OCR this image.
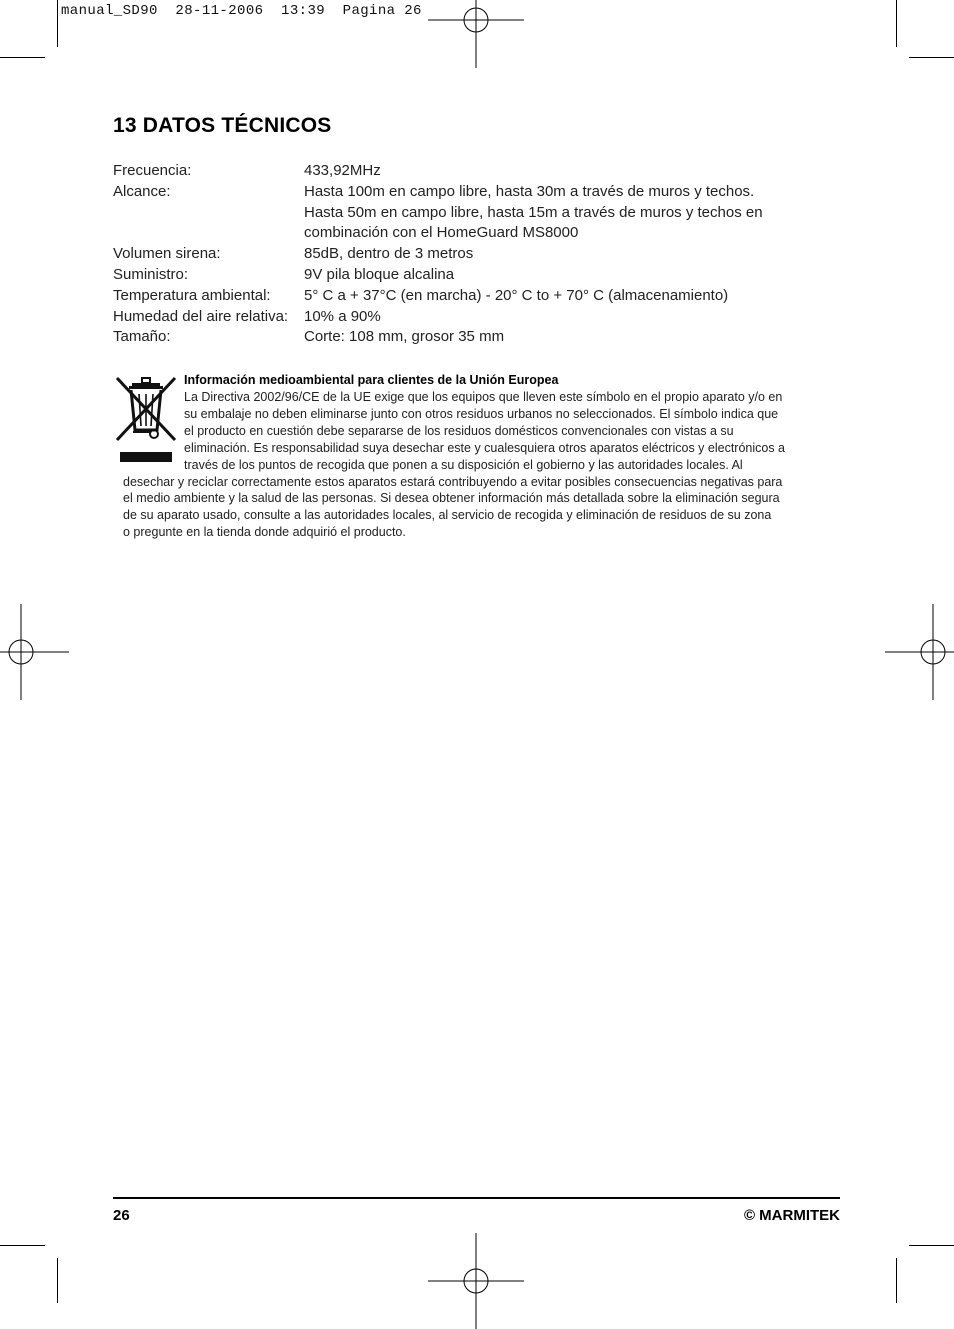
manual_SD90  28-11-2006  13:39  Pagina 26
13 DATOS TÉCNICOS
Frecuencia:	433,92MHz
Alcance:	Hasta 100m en campo libre, hasta 30m a través de muros y techos.
Hasta 50m en campo libre, hasta 15m a través de muros y techos en
combinación con el HomeGuard MS8000
Volumen sirena:	85dB, dentro de 3 metros
Suministro:	9V pila bloque alcalina
Temperatura ambiental:	5° C a + 37°C (en marcha) - 20° C to + 70° C (almacenamiento)
Humedad del aire relativa:	10% a 90%
Tamaño:	Corte: 108 mm, grosor 35 mm
Información medioambiental para clientes de la Unión Europea
La Directiva 2002/96/CE de la UE exige que los equipos que lleven este símbolo en el propio aparato y/o en
su embalaje no deben eliminarse junto con otros residuos urbanos no seleccionados. El símbolo indica que
el producto en cuestión debe separarse de los residuos domésticos convencionales con vistas a su
eliminación. Es responsabilidad suya desechar este y cualesquiera otros aparatos eléctricos y electrónicos a
través de los puntos de recogida que ponen a su disposición el gobierno y las autoridades locales. Al
desechar y reciclar correctamente estos aparatos estará contribuyendo a evitar posibles consecuencias negativas para
el medio ambiente y la salud de las personas. Si desea obtener información más detallada sobre la eliminación segura
de su aparato usado, consulte a las autoridades locales, al servicio de recogida y eliminación de residuos de su zona
o pregunte en la tienda donde adquirió el producto.
26	© MARMITEK
